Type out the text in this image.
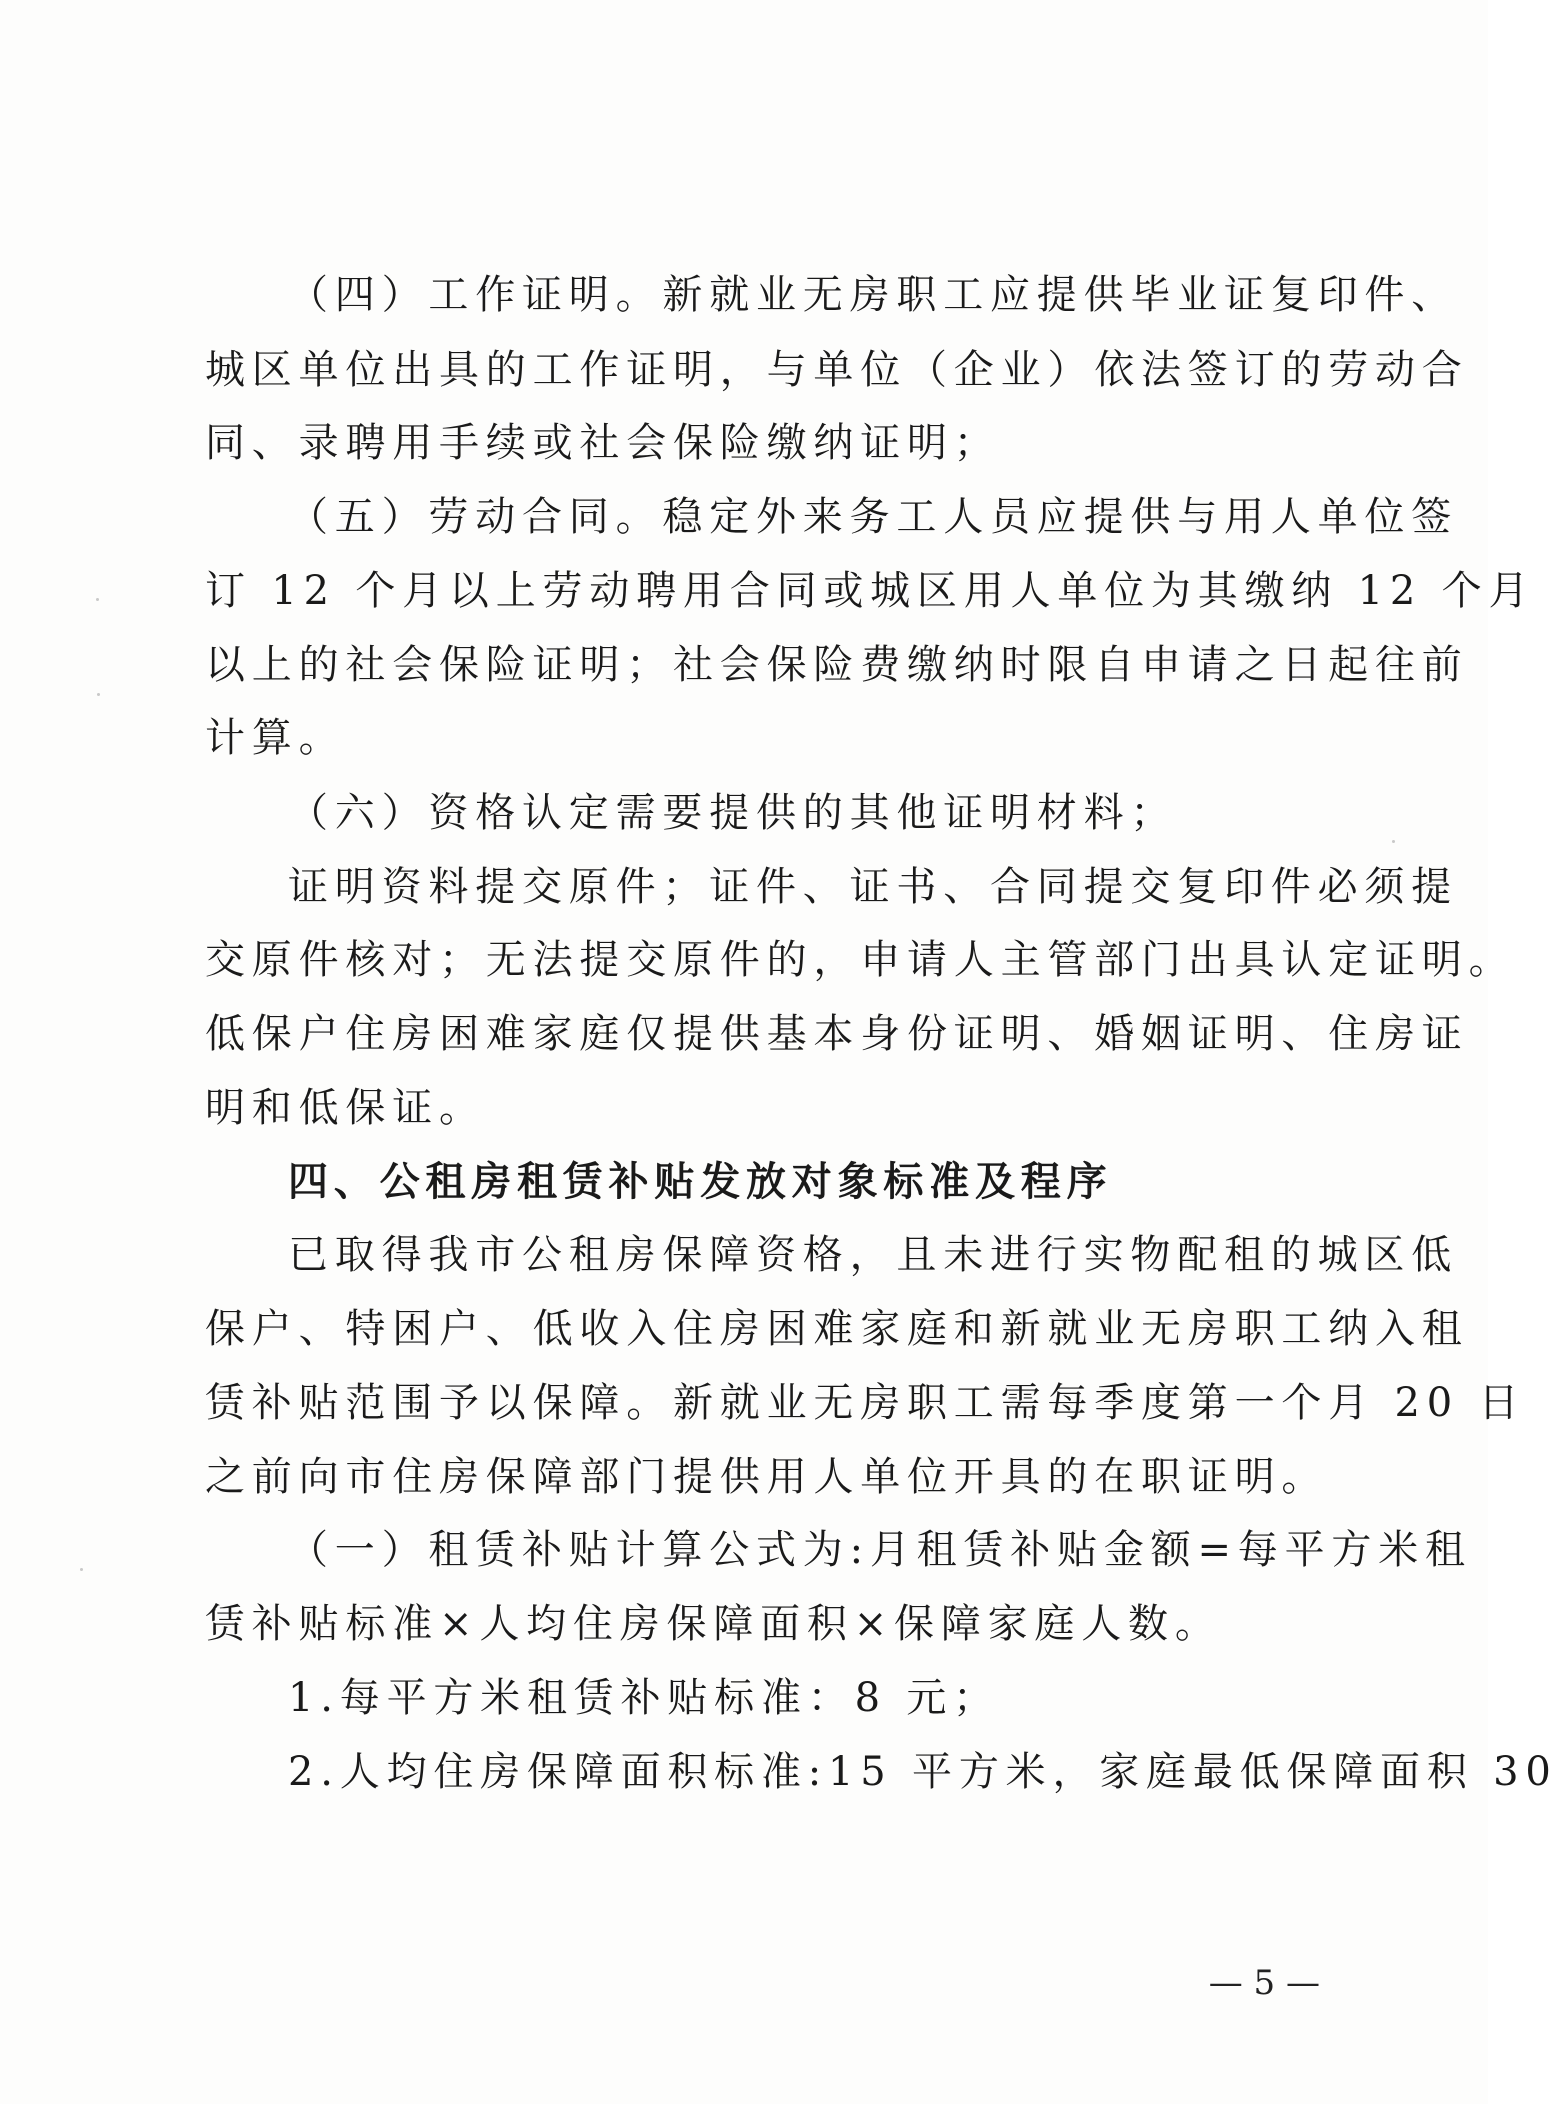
（四）工作证明。新就业无房职工应提供毕业证复印件、
城区单位出具的工作证明，与单位（企业）依法签订的劳动合
同、录聘用手续或社会保险缴纳证明；
（五）劳动合同。稳定外来务工人员应提供与用人单位签
订 12 个月以上劳动聘用合同或城区用人单位为其缴纳 12 个月
以上的社会保险证明；社会保险费缴纳时限自申请之日起往前
计算。
（六）资格认定需要提供的其他证明材料；
证明资料提交原件；证件、证书、合同提交复印件必须提
交原件核对；无法提交原件的，申请人主管部门出具认定证明。
低保户住房困难家庭仅提供基本身份证明、婚姻证明、住房证
明和低保证。
四、公租房租赁补贴发放对象标准及程序
已取得我市公租房保障资格，且未进行实物配租的城区低
保户、特困户、低收入住房困难家庭和新就业无房职工纳入租
赁补贴范围予以保障。新就业无房职工需每季度第一个月 20 日
之前向市住房保障部门提供用人单位开具的在职证明。
（一）租赁补贴计算公式为:月租赁补贴金额=每平方米租
赁补贴标准×人均住房保障面积×保障家庭人数。
1.每平方米租赁补贴标准：8 元；
2.人均住房保障面积标准:15 平方米，家庭最低保障面积 30
— 5 —
